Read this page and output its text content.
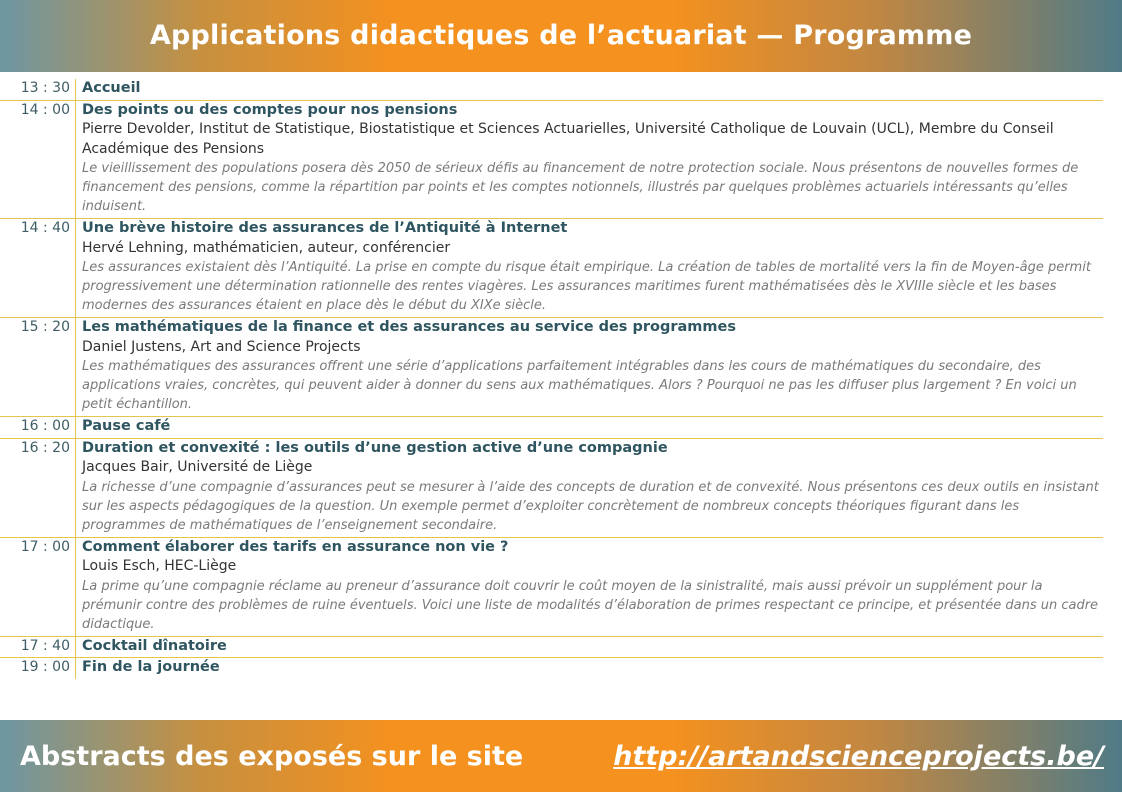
Applications didactiques de l’actuariat — Programme
13 : 30 Accueil
14 : 00 Des points ou des comptes pour nos pensions
Pierre Devolder, Institut de Statistique, Biostatistique et Sciences Actuarielles, Université Catholique de Louvain (UCL), Membre du Conseil Académique des Pensions
Le vieillissement des populations posera dès 2050 de sérieux défis au financement de notre protection sociale. Nous présentons de nouvelles formes de financement des pensions, comme la répartition par points et les comptes notionnels, illustrés par quelques problèmes actuariels intéressants qu’elles induisent.
14 : 40 Une brève histoire des assurances de l’Antiquité à Internet
Hervé Lehning, mathématicien, auteur, conférencier
Les assurances existaient dès l’Antiquité. La prise en compte du risque était empirique. La création de tables de mortalité vers la fin de Moyen-âge permit progressivement une détermination rationnelle des rentes viagères. Les assurances maritimes furent mathématisées dès le XVIIIe siècle et les bases modernes des assurances étaient en place dès le début du XIXe siècle.
15 : 20 Les mathématiques de la finance et des assurances au service des programmes
Daniel Justens, Art and Science Projects
Les mathématiques des assurances offrent une série d’applications parfaitement intégrables dans les cours de mathématiques du secondaire, des applications vraies, concrètes, qui peuvent aider à donner du sens aux mathématiques. Alors ? Pourquoi ne pas les diffuser plus largement ? En voici un petit échantillon.
16 : 00 Pause café
16 : 20 Duration et convexité : les outils d’une gestion active d’une compagnie
Jacques Bair, Université de Liège
La richesse d’une compagnie d’assurances peut se mesurer à l’aide des concepts de duration et de convexité. Nous présentons ces deux outils en insistant sur les aspects pédagogiques de la question. Un exemple permet d’exploiter concrètement de nombreux concepts théoriques figurant dans les programmes de mathématiques de l’enseignement secondaire.
17 : 00 Comment élaborer des tarifs en assurance non vie ?
Louis Esch, HEC-Liège
La prime qu’une compagnie réclame au preneur d’assurance doit couvrir le coût moyen de la sinistralité, mais aussi prévoir un supplément pour la prémunir contre des problèmes de ruine éventuels. Voici une liste de modalités d’élaboration de primes respectant ce principe, et présentée dans un cadre didactique.
17 : 40 Cocktail dînatoire
19 : 00 Fin de la journée
Abstracts des exposés sur le site	http://artandscienceprojects.be/
